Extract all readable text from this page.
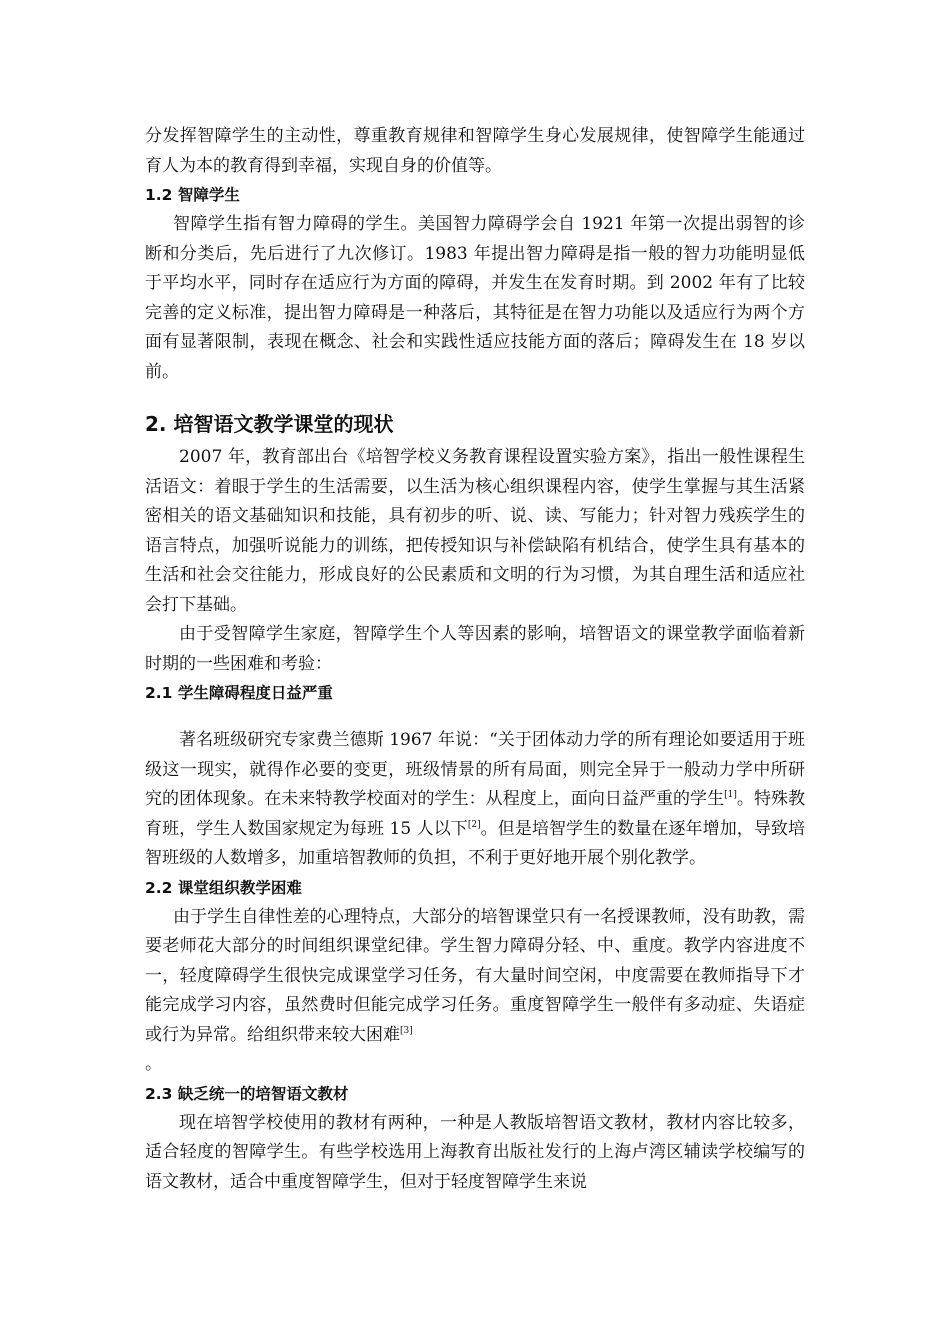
分发挥智障学生的主动性，尊重教育规律和智障学生身心发展规律，使智障学生能通过育人为本的教育得到幸福，实现自身的价值等。

1.2 智障学生

智障学生指有智力障碍的学生。美国智力障碍学会自 1921 年第一次提出弱智的诊断和分类后，先后进行了九次修订。1983 年提出智力障碍是指一般的智力功能明显低于平均水平，同时存在适应行为方面的障碍，并发生在发育时期。到 2002 年有了比较完善的定义标准，提出智力障碍是一种落后，其特征是在智力功能以及适应行为两个方面有显著限制，表现在概念、社会和实践性适应技能方面的落后；障碍发生在 18 岁以前。

2. 培智语文教学课堂的现状

2007 年，教育部出台《培智学校义务教育课程设置实验方案》，指出一般性课程生活语文：着眼于学生的生活需要，以生活为核心组织课程内容，使学生掌握与其生活紧密相关的语文基础知识和技能，具有初步的听、说、读、写能力；针对智力残疾学生的语言特点，加强听说能力的训练，把传授知识与补偿缺陷有机结合，使学生具有基本的生活和社会交往能力，形成良好的公民素质和文明的行为习惯，为其自理生活和适应社会打下基础。

由于受智障学生家庭，智障学生个人等因素的影响，培智语文的课堂教学面临着新时期的一些困难和考验：

2.1 学生障碍程度日益严重

著名班级研究专家费兰德斯 1967 年说：“关于团体动力学的所有理论如要适用于班级这一现实，就得作必要的变更，班级情景的所有局面，则完全异于一般动力学中所研究的团体现象。在未来特教学校面对的学生：从程度上，面向日益严重的学生[1]。特殊教育班，学生人数国家规定为每班 15 人以下[2]。但是培智学生的数量在逐年增加，导致培智班级的人数增多，加重培智教师的负担，不利于更好地开展个别化教学。

2.2 课堂组织教学困难

由于学生自律性差的心理特点，大部分的培智课堂只有一名授课教师，没有助教，需要老师花大部分的时间组织课堂纪律。学生智力障碍分轻、中、重度。教学内容进度不一，轻度障碍学生很快完成课堂学习任务，有大量时间空闲，中度需要在教师指导下才能完成学习内容，虽然费时但能完成学习任务。重度智障学生一般伴有多动症、失语症或行为异常。给组织带来较大困难[3]
。

2.3 缺乏统一的培智语文教材

现在培智学校使用的教材有两种，一种是人教版培智语文教材，教材内容比较多，适合轻度的智障学生。有些学校选用上海教育出版社发行的上海卢湾区辅读学校编写的语文教材，适合中重度智障学生，但对于轻度智障学生来说
